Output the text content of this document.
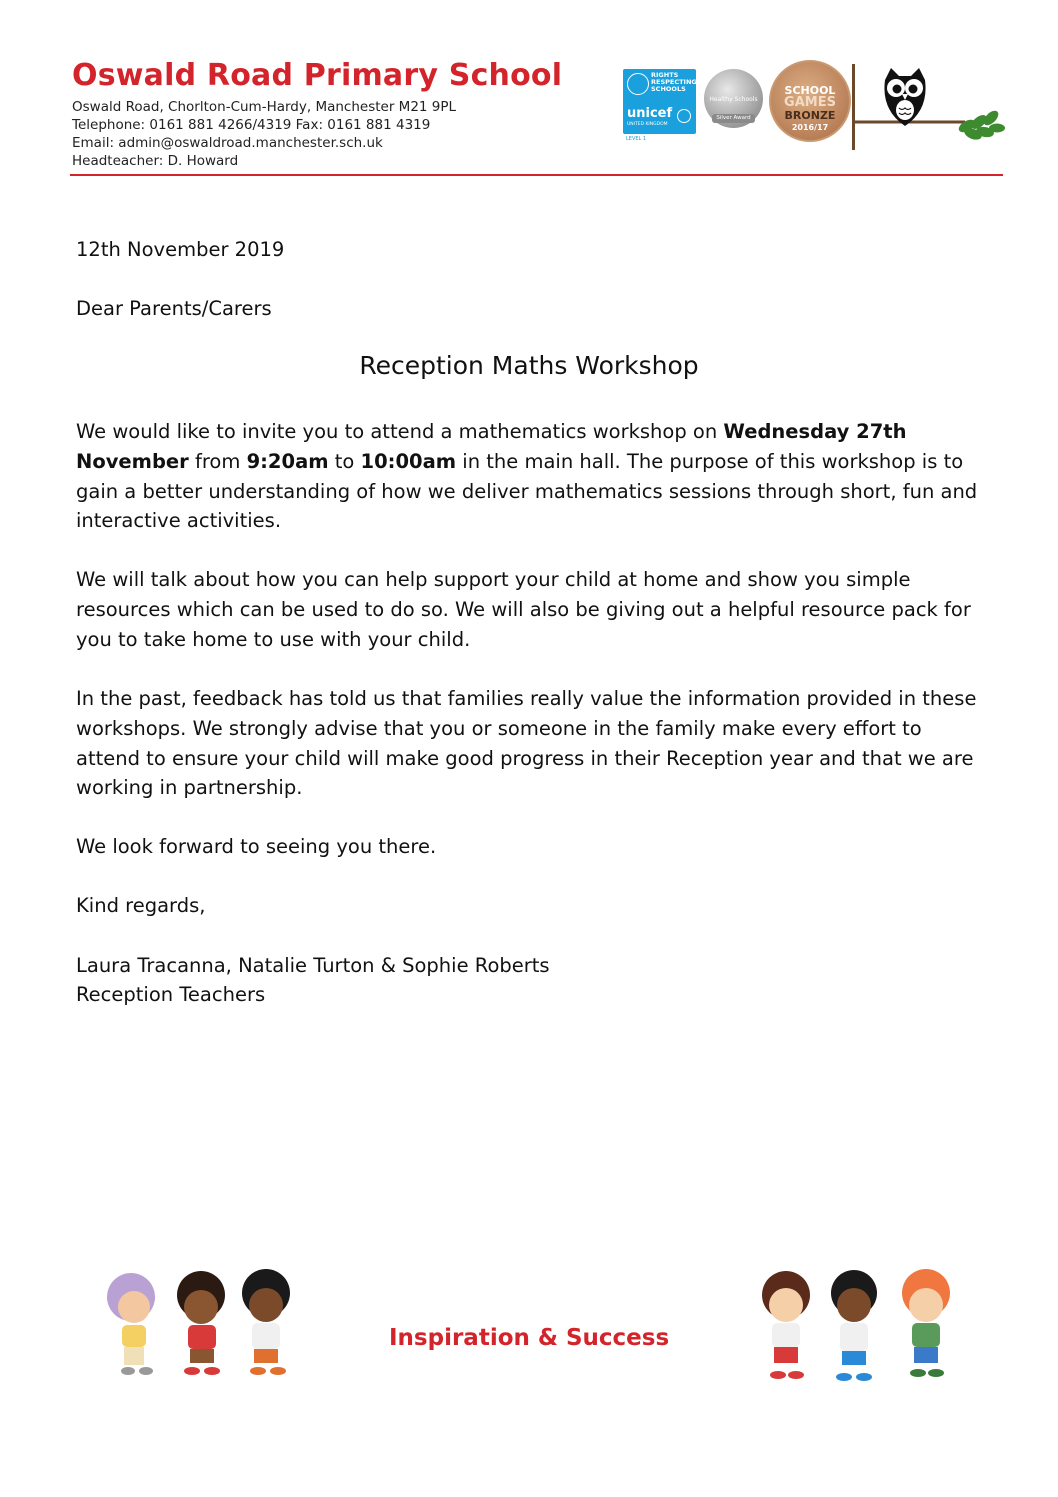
Oswald Road Primary School
Oswald Road, Chorlton-Cum-Hardy, Manchester M21 9PL
Telephone: 0161 881 4266/4319 Fax: 0161 881 4319
Email: admin@oswaldroad.manchester.sch.uk
Headteacher: D. Howard
RIGHTS RESPECTING SCHOOLS
unicef
UNITED KINGDOM
LEVEL 1
Healthy Schools
Silver Award
SCHOOL
GAMES
BRONZE
2016/17
12th November 2019
Dear Parents/Carers
Reception Maths Workshop

We would like to invite you to attend a mathematics workshop on Wednesday 27th November from 9:20am to 10:00am in the main hall. The purpose of this workshop is to gain a better understanding of how we deliver mathematics sessions through short, fun and interactive activities.

We will talk about how you can help support your child at home and show you simple resources which can be used to do so. We will also be giving out a helpful resource pack for you to take home to use with your child.
In the past, feedback has told us that families really value the information provided in these workshops. We strongly advise that you or someone in the family make every effort to attend to ensure your child will make good progress in their Reception year and that we are working in partnership.
We look forward to seeing you there.
Kind regards,
Laura Tracanna, Natalie Turton & Sophie Roberts
Reception Teachers
Inspiration & Success
